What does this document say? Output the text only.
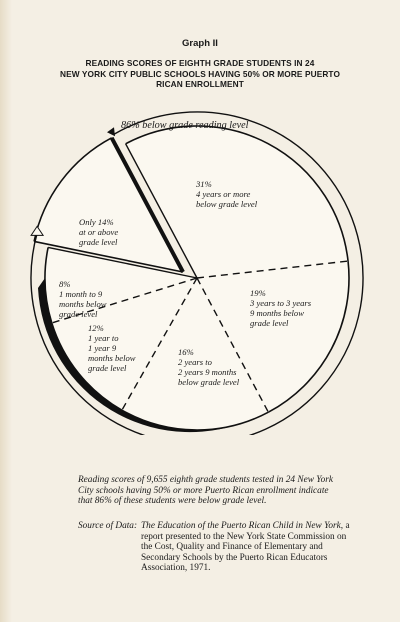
Graph II
READING SCORES OF EIGHTH GRADE STUDENTS IN 24
NEW YORK CITY PUBLIC SCHOOLS HAVING 50% OR MORE PUERTO
RICAN ENROLLMENT
31% 4 years or more below grade level
19% 3 years to 3 years 9 months below grade level
16% 2 years to 2 years 9 months below grade level
12% 1 year to 1 year 9 months below grade level
8% 1 month to 9 months below grade level
Only 14% at or above grade level
86% below grade reading level
Reading scores of 9,655 eighth grade students tested in 24 New York City schools having 50% or more Puerto Rican enrollment indicate that 86% of these students were below grade level.
Source of Data: The Education of the Puerto Rican Child in New York, a report presented to the New York State Commission on the Cost, Quality and Finance of Elementary and Secondary Schools by the Puerto Rican Educators Association, 1971.
